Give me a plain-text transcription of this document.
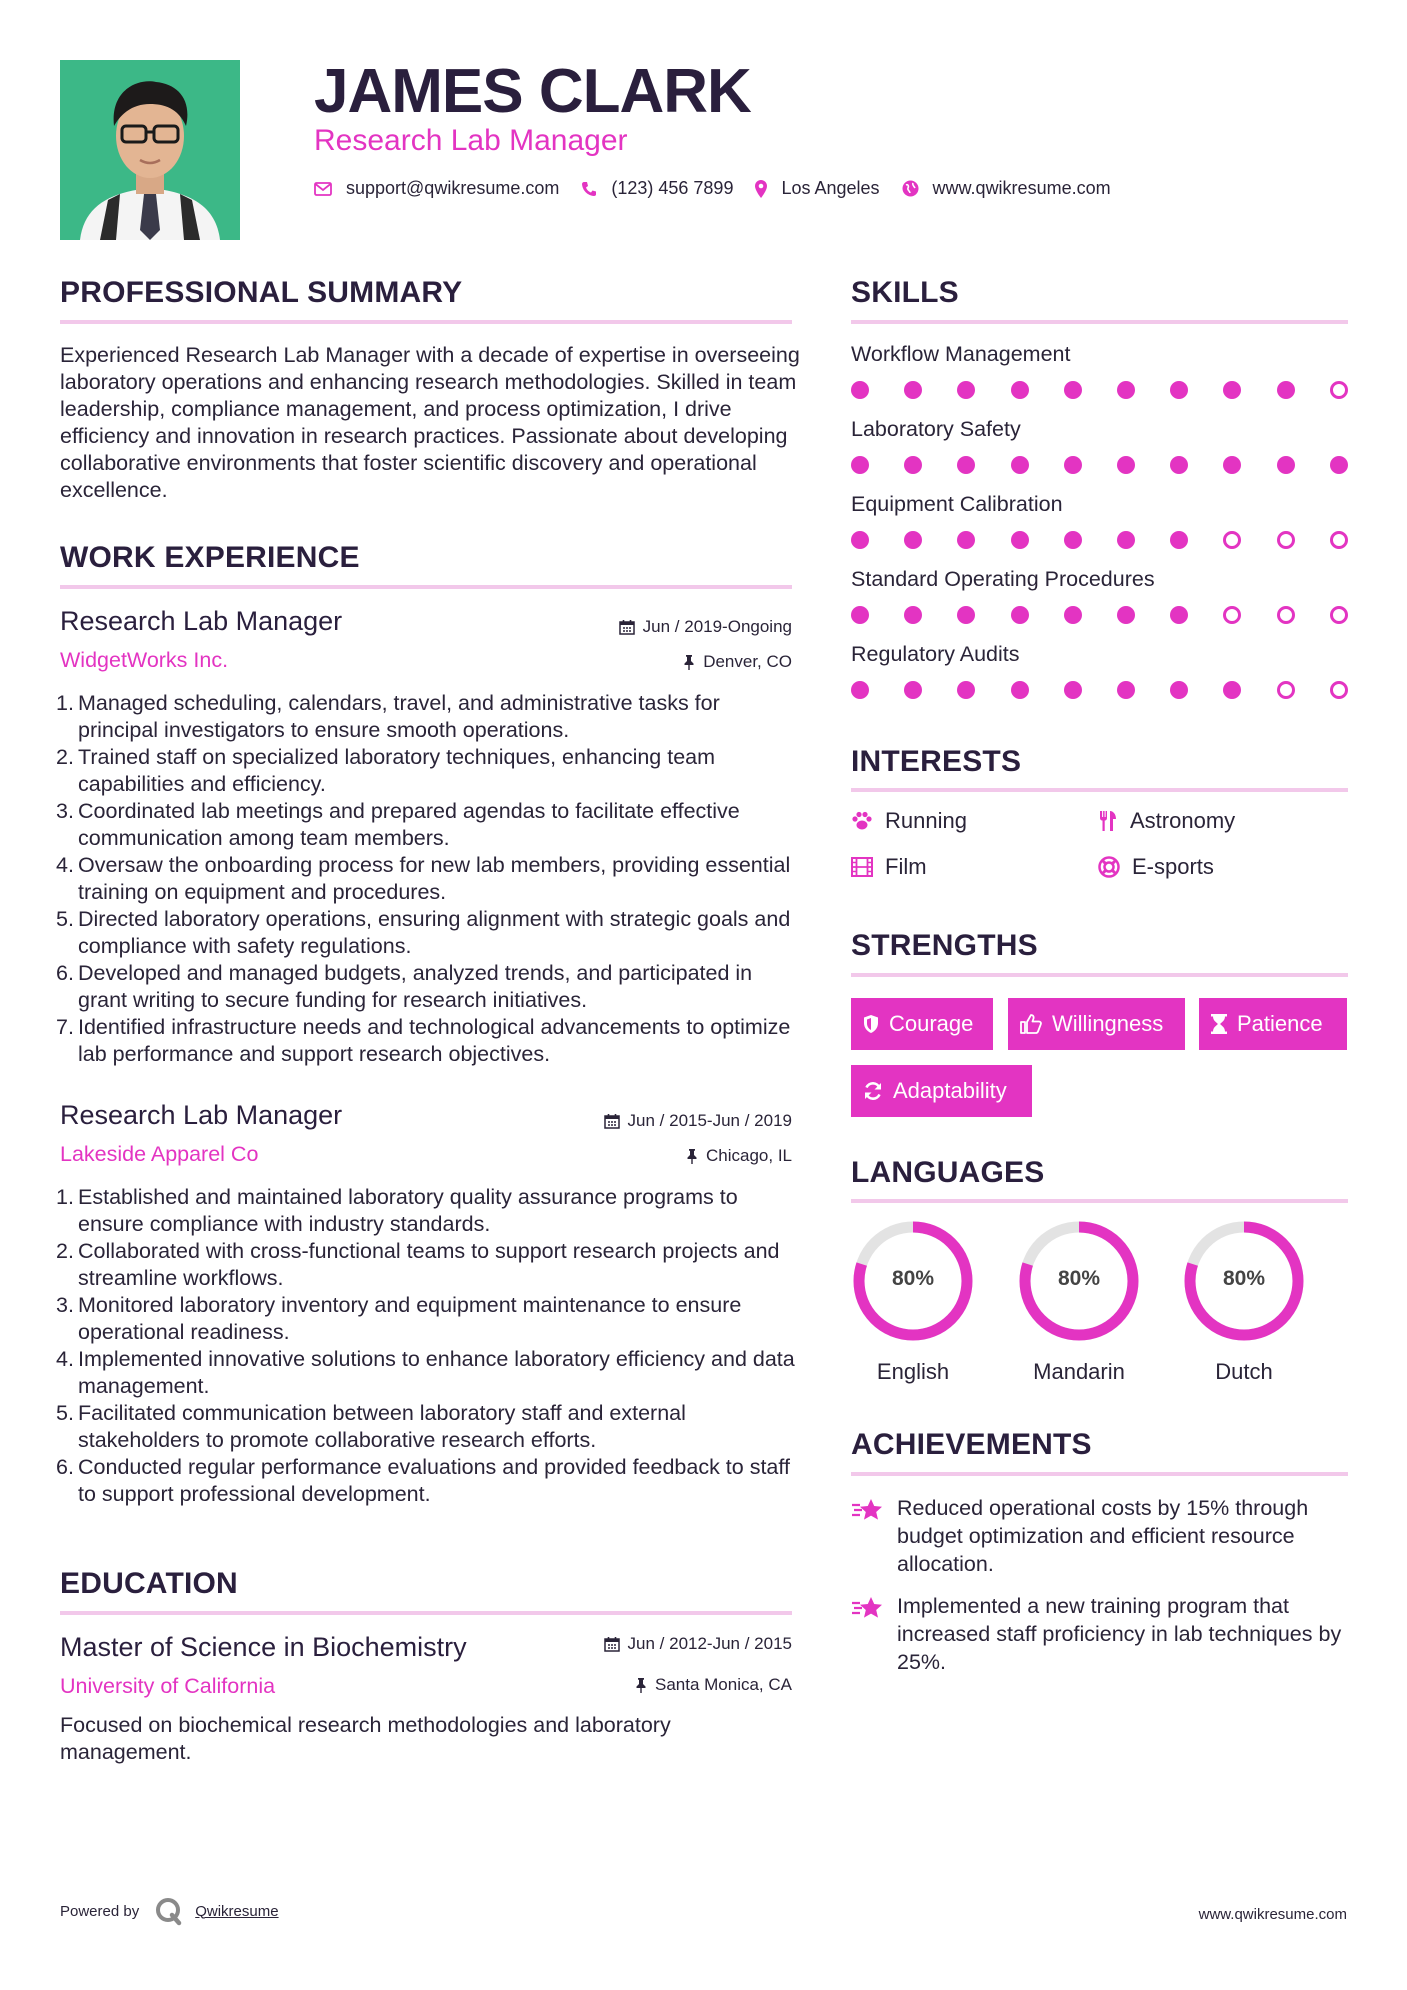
JAMES CLARK
Research Lab Manager
support@qwikresume.com	(123) 456 7899	Los Angeles	www.qwikresume.com
PROFESSIONAL SUMMARY
Experienced Research Lab Manager with a decade of expertise in overseeing laboratory operations and enhancing research methodologies. Skilled in team leadership, compliance management, and process optimization, I drive efficiency and innovation in research practices. Passionate about developing collaborative environments that foster scientific discovery and operational excellence.
WORK EXPERIENCE
Research Lab Manager	Jun / 2019-Ongoing
WidgetWorks Inc.	Denver, CO
1. Managed scheduling, calendars, travel, and administrative tasks for principal investigators to ensure smooth operations.
2. Trained staff on specialized laboratory techniques, enhancing team capabilities and efficiency.
3. Coordinated lab meetings and prepared agendas to facilitate effective communication among team members.
4. Oversaw the onboarding process for new lab members, providing essential training on equipment and procedures.
5. Directed laboratory operations, ensuring alignment with strategic goals and compliance with safety regulations.
6. Developed and managed budgets, analyzed trends, and participated in grant writing to secure funding for research initiatives.
7. Identified infrastructure needs and technological advancements to optimize lab performance and support research objectives.
Research Lab Manager	Jun / 2015-Jun / 2019
Lakeside Apparel Co	Chicago, IL
1. Established and maintained laboratory quality assurance programs to ensure compliance with industry standards.
2. Collaborated with cross-functional teams to support research projects and streamline workflows.
3. Monitored laboratory inventory and equipment maintenance to ensure operational readiness.
4. Implemented innovative solutions to enhance laboratory efficiency and data management.
5. Facilitated communication between laboratory staff and external stakeholders to promote collaborative research efforts.
6. Conducted regular performance evaluations and provided feedback to staff to support professional development.
EDUCATION
Master of Science in Biochemistry	Jun / 2012-Jun / 2015
University of California	Santa Monica, CA
Focused on biochemical research methodologies and laboratory management.
SKILLS
Workflow Management
Laboratory Safety
Equipment Calibration
Standard Operating Procedures
Regulatory Audits
INTERESTS
Running	Astronomy
Film	E-sports
STRENGTHS
Courage	Willingness	Patience
Adaptability
LANGUAGES
80%
English
80%
Mandarin
80%
Dutch
ACHIEVEMENTS
Reduced operational costs by 15% through budget optimization and efficient resource allocation.
Implemented a new training program that increased staff proficiency in lab techniques by 25%.
Powered by	Qwikresume	www.qwikresume.com
